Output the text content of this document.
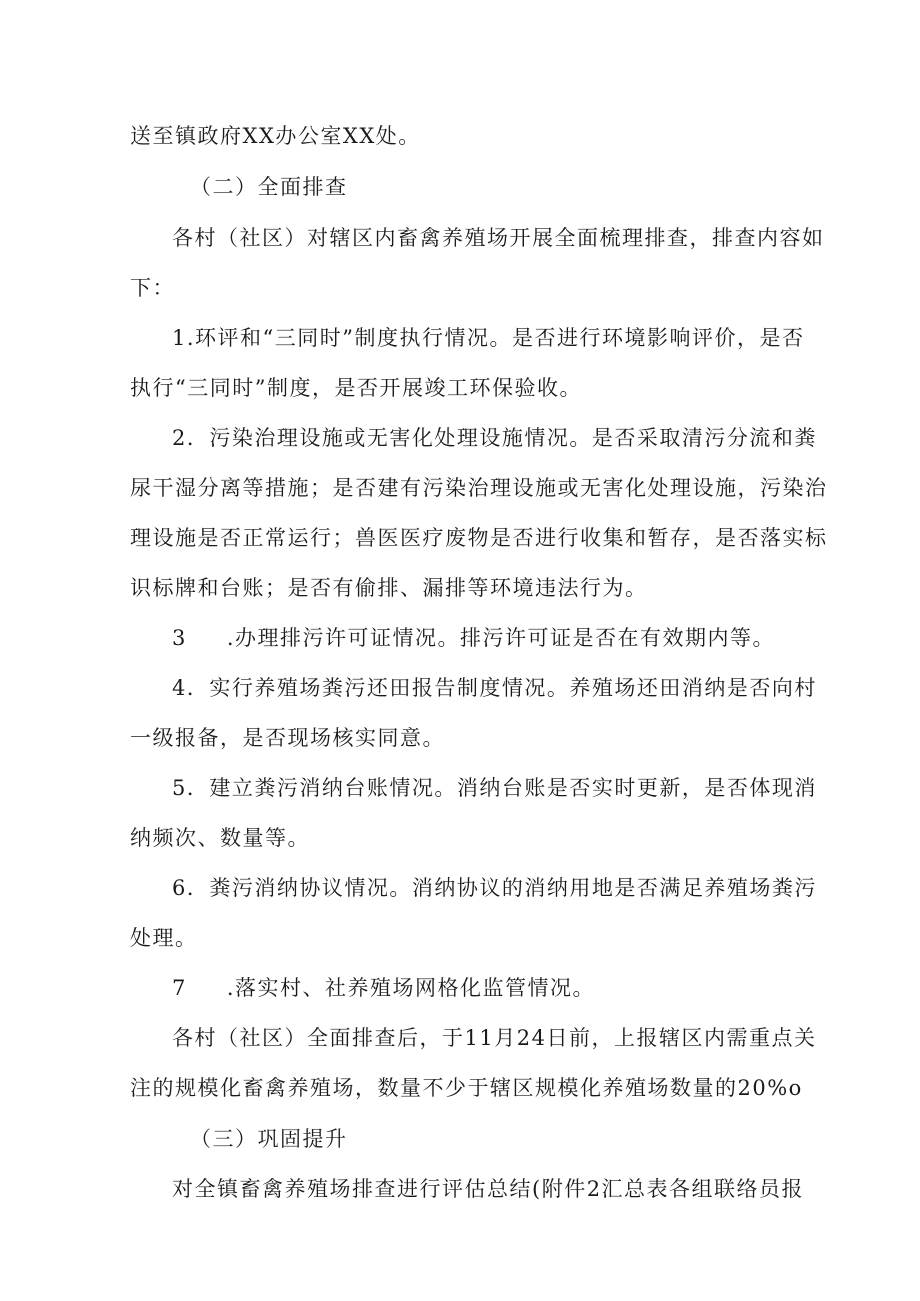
送至镇政府XX办公室XX处。
（二）全面排查
各村（社区）对辖区内畜禽养殖场开展全面梳理排查，排查内容如
下：
1.环评和“三同时”制度执行情况。是否进行环境影响评价，是否
执行“三同时”制度，是否开展竣工环保验收。
2．污染治理设施或无害化处理设施情况。是否采取清污分流和粪
尿干湿分离等措施；是否建有污染治理设施或无害化处理设施，污染治
理设施是否正常运行；兽医医疗废物是否进行收集和暂存，是否落实标
识标牌和台账；是否有偷排、漏排等环境违法行为。
3 .办理排污许可证情况。排污许可证是否在有效期内等。
4．实行养殖场粪污还田报告制度情况。养殖场还田消纳是否向村
一级报备，是否现场核实同意。
5．建立粪污消纳台账情况。消纳台账是否实时更新，是否体现消
纳频次、数量等。
6．粪污消纳协议情况。消纳协议的消纳用地是否满足养殖场粪污
处理。
7 .落实村、社养殖场网格化监管情况。
各村（社区）全面排查后，于11月24日前，上报辖区内需重点关
注的规模化畜禽养殖场，数量不少于辖区规模化养殖场数量的20%o
（三）巩固提升
对全镇畜禽养殖场排查进行评估总结(附件2汇总表各组联络员报
